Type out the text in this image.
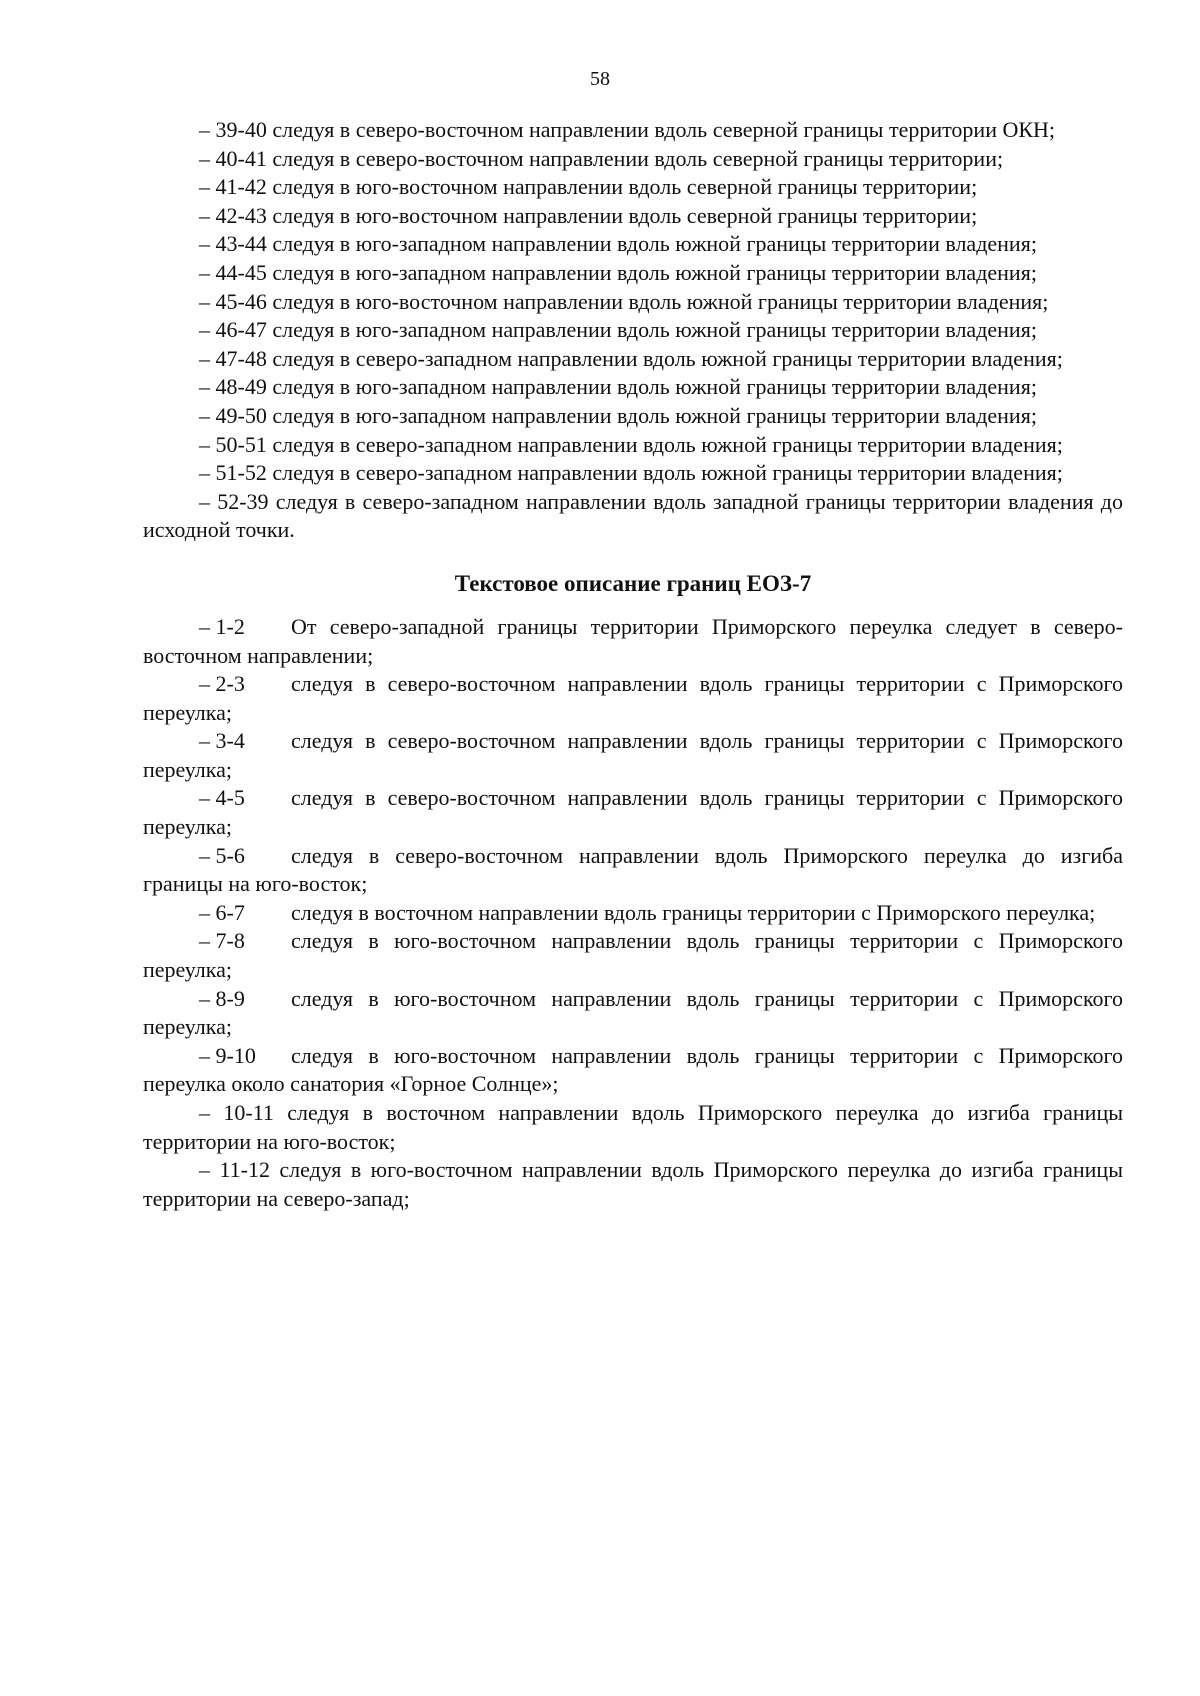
58

– 39-40 следуя в северо-восточном направлении вдоль северной границы территории ОКН;

– 40-41 следуя в северо-восточном направлении вдоль северной границы территории;

– 41-42 следуя в юго-восточном направлении вдоль северной границы территории;

– 42-43 следуя в юго-восточном направлении вдоль северной границы территории;

– 43-44 следуя в юго-западном направлении вдоль южной границы территории владения;

– 44-45 следуя в юго-западном направлении вдоль южной границы территории владения;

– 45-46 следуя в юго-восточном направлении вдоль южной границы территории владения;

– 46-47 следуя в юго-западном направлении вдоль южной границы территории владения;

– 47-48 следуя в северо-западном направлении вдоль южной границы территории владения;

– 48-49 следуя в юго-западном направлении вдоль южной границы территории владения;

– 49-50 следуя в юго-западном направлении вдоль южной границы территории владения;

– 50-51 следуя в северо-западном направлении вдоль южной границы территории владения;

– 51-52 следуя в северо-западном направлении вдоль южной границы территории владения;

– 52-39 следуя в северо-западном направлении вдоль западной границы территории владения до исходной точки.

Текстовое описание границ ЕОЗ-7

– 1-2 От северо-западной границы территории Приморского переулка следует в северо-восточном направлении;

– 2-3 следуя в северо-восточном направлении вдоль границы территории с Приморского переулка;

– 3-4 следуя в северо-восточном направлении вдоль границы территории с Приморского переулка;

– 4-5 следуя в северо-восточном направлении вдоль границы территории с Приморского переулка;

– 5-6 следуя в северо-восточном направлении вдоль Приморского переулка до изгиба границы на юго-восток;

– 6-7 следуя в восточном направлении вдоль границы территории с Приморского переулка;

– 7-8 следуя в юго-восточном направлении вдоль границы территории с Приморского переулка;

– 8-9 следуя в юго-восточном направлении вдоль границы территории с Приморского переулка;

– 9-10 следуя в юго-восточном направлении вдоль границы территории с Приморского переулка около санатория «Горное Солнце»;

– 10-11 следуя в восточном направлении вдоль Приморского переулка до изгиба границы территории на юго-восток;

– 11-12 следуя в юго-восточном направлении вдоль Приморского переулка до изгиба границы территории на северо-запад;
